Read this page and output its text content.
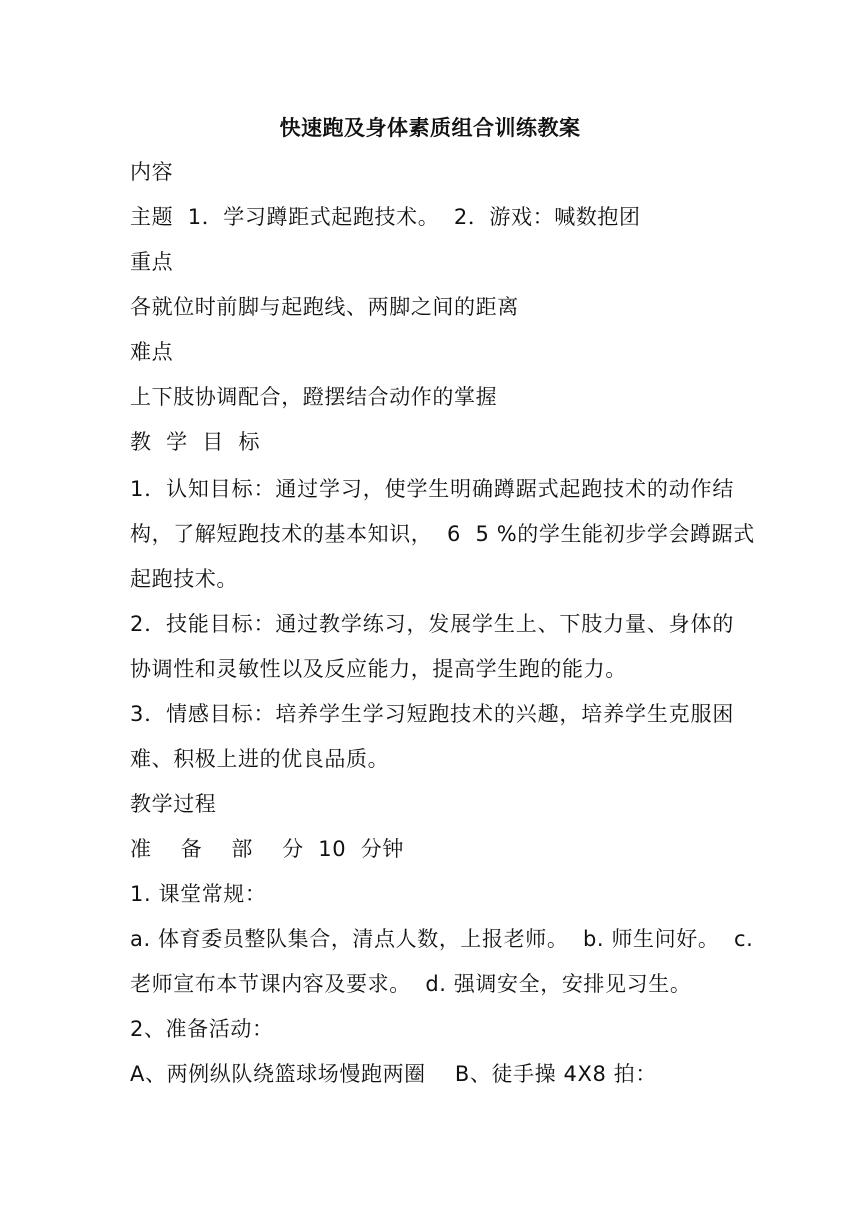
快速跑及身体素质组合训练教案
内容
主题  1．学习蹲距式起跑技术。  2．游戏：喊数抱团
重点
各就位时前脚与起跑线、两脚之间的距离
难点
上下肢协调配合，蹬摆结合动作的掌握
教  学  目  标
1．认知目标：通过学习，使学生明确蹲踞式起跑技术的动作结
构，了解短跑技术的基本知识，  6  5 %的学生能初步学会蹲踞式
起跑技术。
2．技能目标：通过教学练习，发展学生上、下肢力量、身体的
协调性和灵敏性以及反应能力，提高学生跑的能力。
3．情感目标：培养学生学习短跑技术的兴趣，培养学生克服困
难、积极上进的优良品质。
教学过程
准    备    部    分  10  分钟
1. 课堂常规：
a. 体育委员整队集合，清点人数，上报老师。  b. 师生问好。  c.
老师宣布本节课内容及要求。  d. 强调安全，安排见习生。
2、准备活动：
A、两例纵队绕篮球场慢跑两圈    B、徒手操 4X8 拍：
